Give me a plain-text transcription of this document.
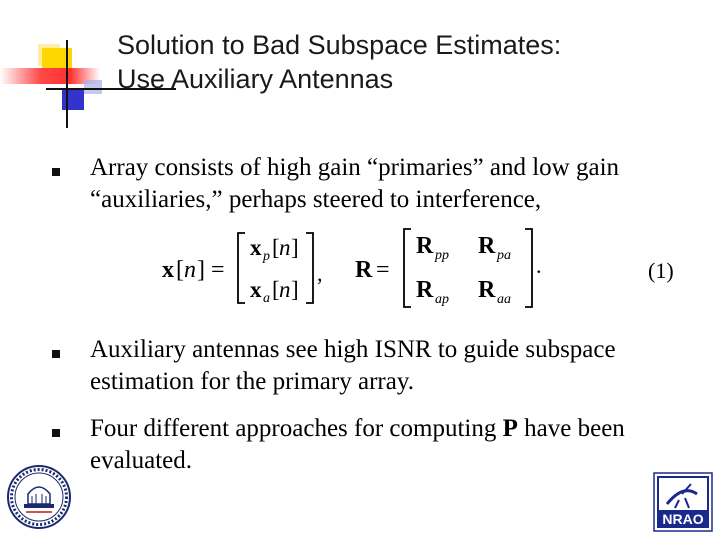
Solution to Bad Subspace Estimates:
Use Auxiliary Antennas
Array consists of high gain “primaries” and low gain “auxiliaries,” perhaps steered to interference,
x [ n ] =
x p [ n ]
x a [ n ]
, R =
R pp R pa
R ap R aa
.	(1)
Auxiliary antennas see high ISNR to guide subspace estimation for the primary array.
Four different approaches for computing P have been evaluated.
NRAO
